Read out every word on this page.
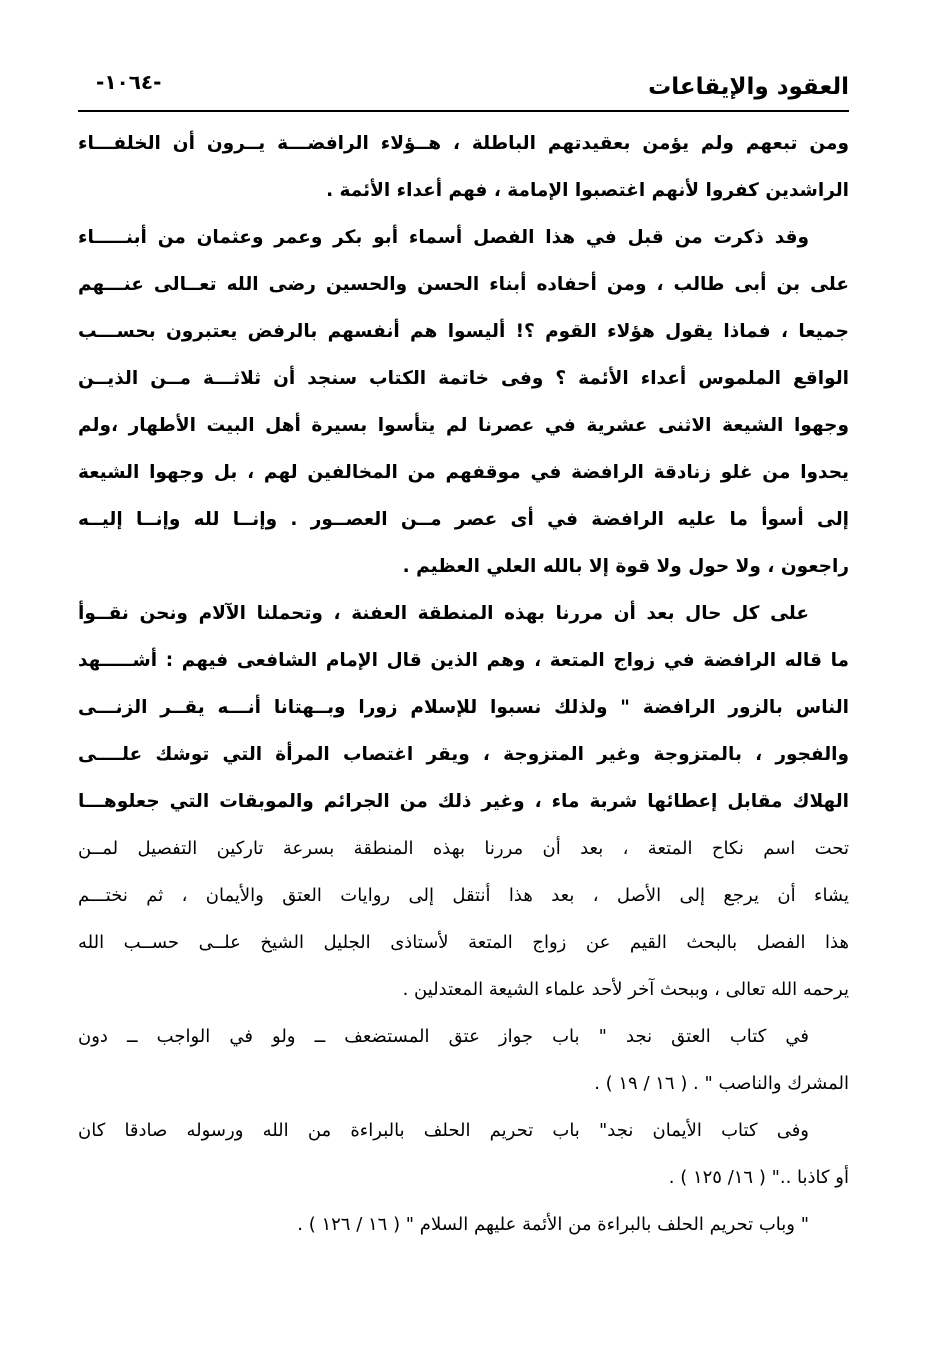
العقود والإيقاعات
-١٠٦٤-
ومن تبعهم ولم يؤمن بعقيدتهم الباطلة ، هــؤلاء الرافضـــة يــرون أن الخلفـــاء
الراشدين كفروا لأنهم اغتصبوا الإمامة ، فهم أعداء الأئمة .
وقد ذكرت من قبل في هذا الفصل أسماء أبو بكر وعمر وعثمان من أبنـــــاء
على بن أبى طالب ، ومن أحفاده أبناء الحسن والحسين رضى الله تعــالى عنـــهم
جميعا ، فماذا يقول هؤلاء القوم ؟! أليسوا هم أنفسهم بالرفض يعتبرون بحســـب
الواقع الملموس أعداء الأئمة ؟ وفى خاتمة الكتاب سنجد أن ثلاثـــة مــن الذيــن
وجهوا الشيعة الاثنى عشرية في عصرنا لم يتأسوا بسيرة أهل البيت الأطهار ،ولم
يحدوا من غلو زنادقة الرافضة في موقفهم من المخالفين لهم ، بل وجهوا الشيعة
إلى أسوأ ما عليه الرافضة في أى عصر مــن العصــور . وإنــا لله وإنــا إليــه
راجعون ، ولا حول ولا قوة إلا بالله العلي العظيم .
على كل حال بعد أن مررنا بهذه المنطقة العفنة ، وتحملنا الآلام ونحن نقــوأ
ما قاله الرافضة في زواج المتعة ، وهم الذين قال الإمام الشافعى فيهم : أشـــــهد
الناس بالزور الرافضة " ولذلك نسبوا للإسلام زورا وبــهتانا أنـــه يقــر الزنـــى
والفجور ، بالمتزوجة وغير المتزوجة ، ويقر اغتصاب المرأة التي توشك علــــى
الهلاك مقابل إعطائها شربة ماء ، وغير ذلك من الجرائم والموبقات التي جعلوهـــا
تحت اسم نكاح المتعة ، بعد أن مررنا بهذه المنطقة بسرعة تاركين التفصيل لمــن
يشاء أن يرجع إلى الأصل ، بعد هذا أنتقل إلى روايات العتق والأيمان ، ثم نختـــم
هذا الفصل بالبحث القيم عن زواج المتعة لأستاذى الجليل الشيخ علــى حســب الله
يرحمه الله تعالى ، وببحث آخر لأحد علماء الشيعة المعتدلين .
في كتاب العتق نجد " باب جواز عتق المستضعف ــ ولو في الواجب ــ دون
المشرك والناصب " . ( ١٦ / ١٩ ) .
وفى كتاب الأيمان نجد" باب تحريم الحلف بالبراءة من الله ورسوله صادقا كان
أو كاذبا .." ( ١٦/ ١٢٥ ) .
" وباب تحريم الحلف بالبراءة من الأئمة عليهم السلام " ( ١٦ / ١٢٦ ) .
